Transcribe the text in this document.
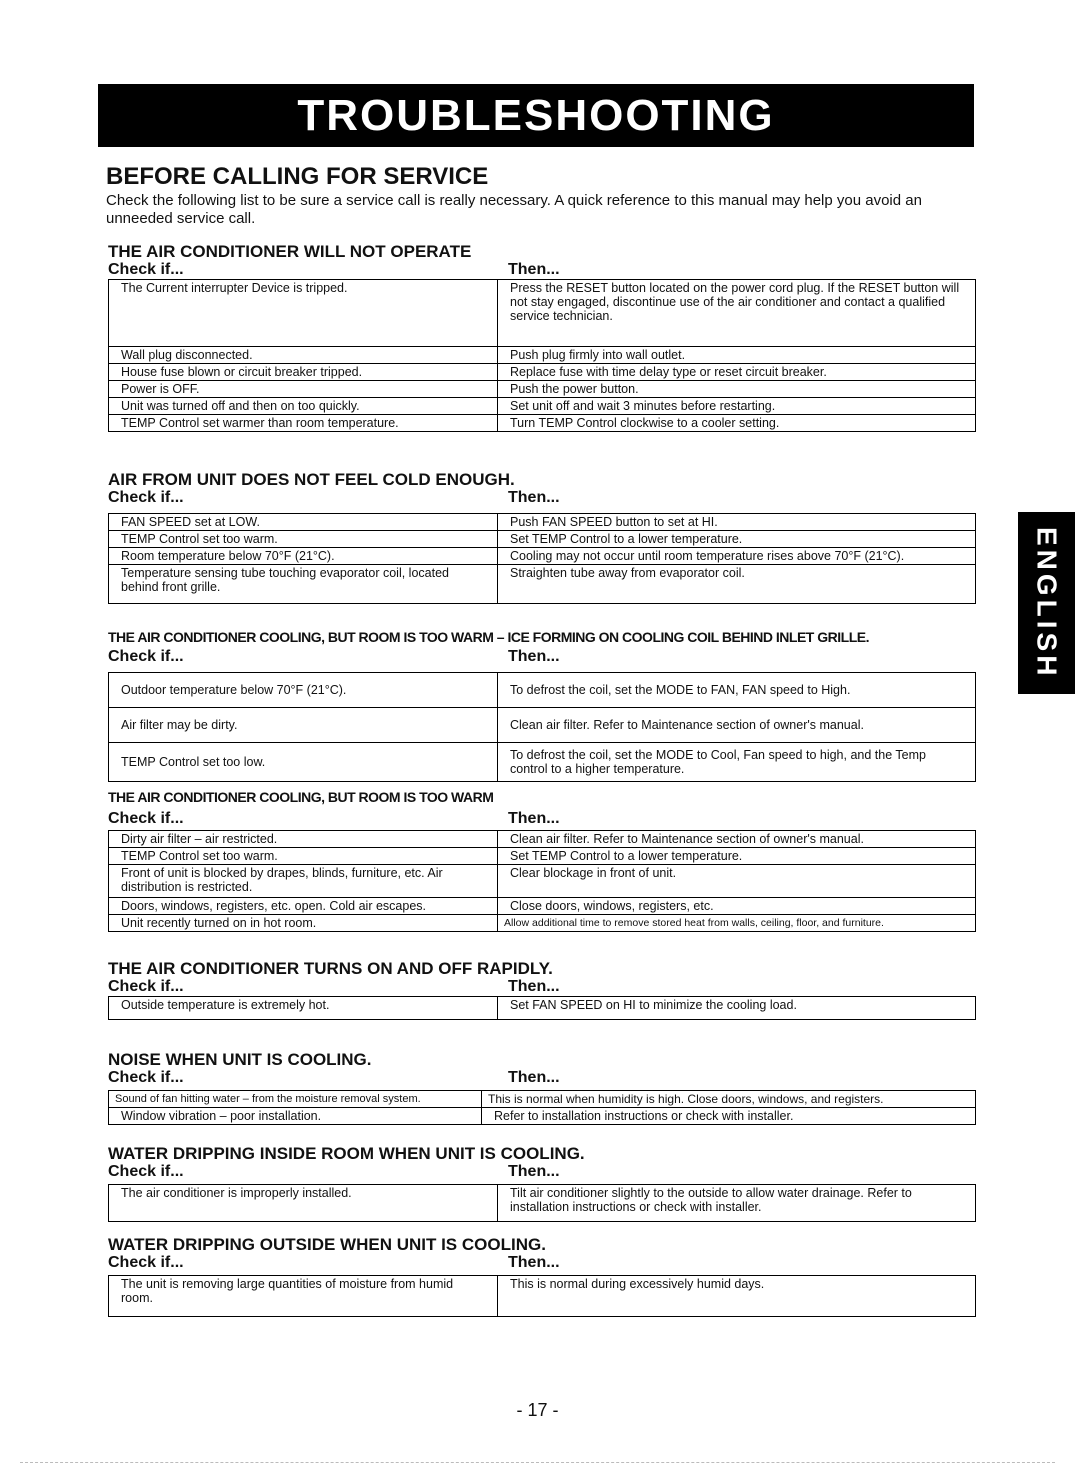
TROUBLESHOOTING
BEFORE CALLING FOR SERVICE
Check the following list to be sure a service call is really necessary. A quick reference to this manual may help you avoid an unneeded service call.
ENGLISH
THE AIR CONDITIONER WILL NOT OPERATE
Check if...	Then...
The Current interrupter Device is tripped.	Press the RESET button located on the power cord plug. If the RESET button will not stay engaged, discontinue use of the air conditioner and contact a qualified service technician.
Wall plug disconnected.	Push plug firmly into wall outlet.
House fuse blown or circuit breaker tripped.	Replace fuse with time delay type or reset circuit breaker.
Power is OFF.	Push the power button.
Unit was turned off and then on too quickly.	Set unit off and wait 3 minutes before restarting.
TEMP Control set warmer than room temperature.	Turn TEMP Control clockwise to a cooler setting.
AIR FROM UNIT DOES NOT FEEL COLD ENOUGH.
Check if...	Then...
FAN SPEED set at LOW.	Push FAN SPEED button to set at HI.
TEMP Control set too warm.	Set TEMP Control to a lower temperature.
Room temperature below 70°F (21°C).	Cooling may not occur until room temperature rises above 70°F (21°C).
Temperature sensing tube touching evaporator coil, located behind front grille.	Straighten tube away from evaporator coil.
THE AIR CONDITIONER COOLING, BUT ROOM IS TOO WARM – ICE FORMING ON COOLING COIL BEHIND INLET GRILLE.
Check if...	Then...
Outdoor temperature below 70°F (21°C).	To defrost the coil, set the MODE to FAN, FAN speed to High.
Air filter may be dirty.	Clean air filter. Refer to Maintenance section of owner's manual.
TEMP Control set too low.	To defrost the coil, set the MODE to Cool, Fan speed to high, and the Temp control to a higher temperature.
THE AIR CONDITIONER COOLING, BUT ROOM IS TOO WARM
Check if...	Then...
Dirty air filter – air restricted.	Clean air filter. Refer to Maintenance section of owner's manual.
TEMP Control set too warm.	Set TEMP Control to a lower temperature.
Front of unit is blocked by drapes, blinds, furniture, etc. Air distribution is restricted.	Clear blockage in front of unit.
Doors, windows, registers, etc. open. Cold air escapes.	Close doors, windows, registers, etc.
Unit recently turned on in hot room.	Allow additional time to remove stored heat from walls, ceiling, floor, and furniture.
THE AIR CONDITIONER TURNS ON AND OFF RAPIDLY.
Check if...	Then...
Outside temperature is extremely hot.	Set FAN SPEED on HI to minimize the cooling load.
NOISE WHEN UNIT IS COOLING.
Check if...	Then...
Sound of fan hitting water – from the moisture removal system.	This is normal when humidity is high. Close doors, windows, and registers.
Window vibration – poor installation.	Refer to installation instructions or check with installer.
WATER DRIPPING INSIDE ROOM WHEN UNIT IS COOLING.
Check if...	Then...
The air conditioner is improperly installed.	Tilt air conditioner slightly to the outside to allow water drainage. Refer to installation instructions or check with installer.
WATER DRIPPING OUTSIDE WHEN UNIT IS COOLING.
Check if...	Then...
The unit is removing large quantities of moisture from humid room.	This is normal during excessively humid days.
- 17 -
